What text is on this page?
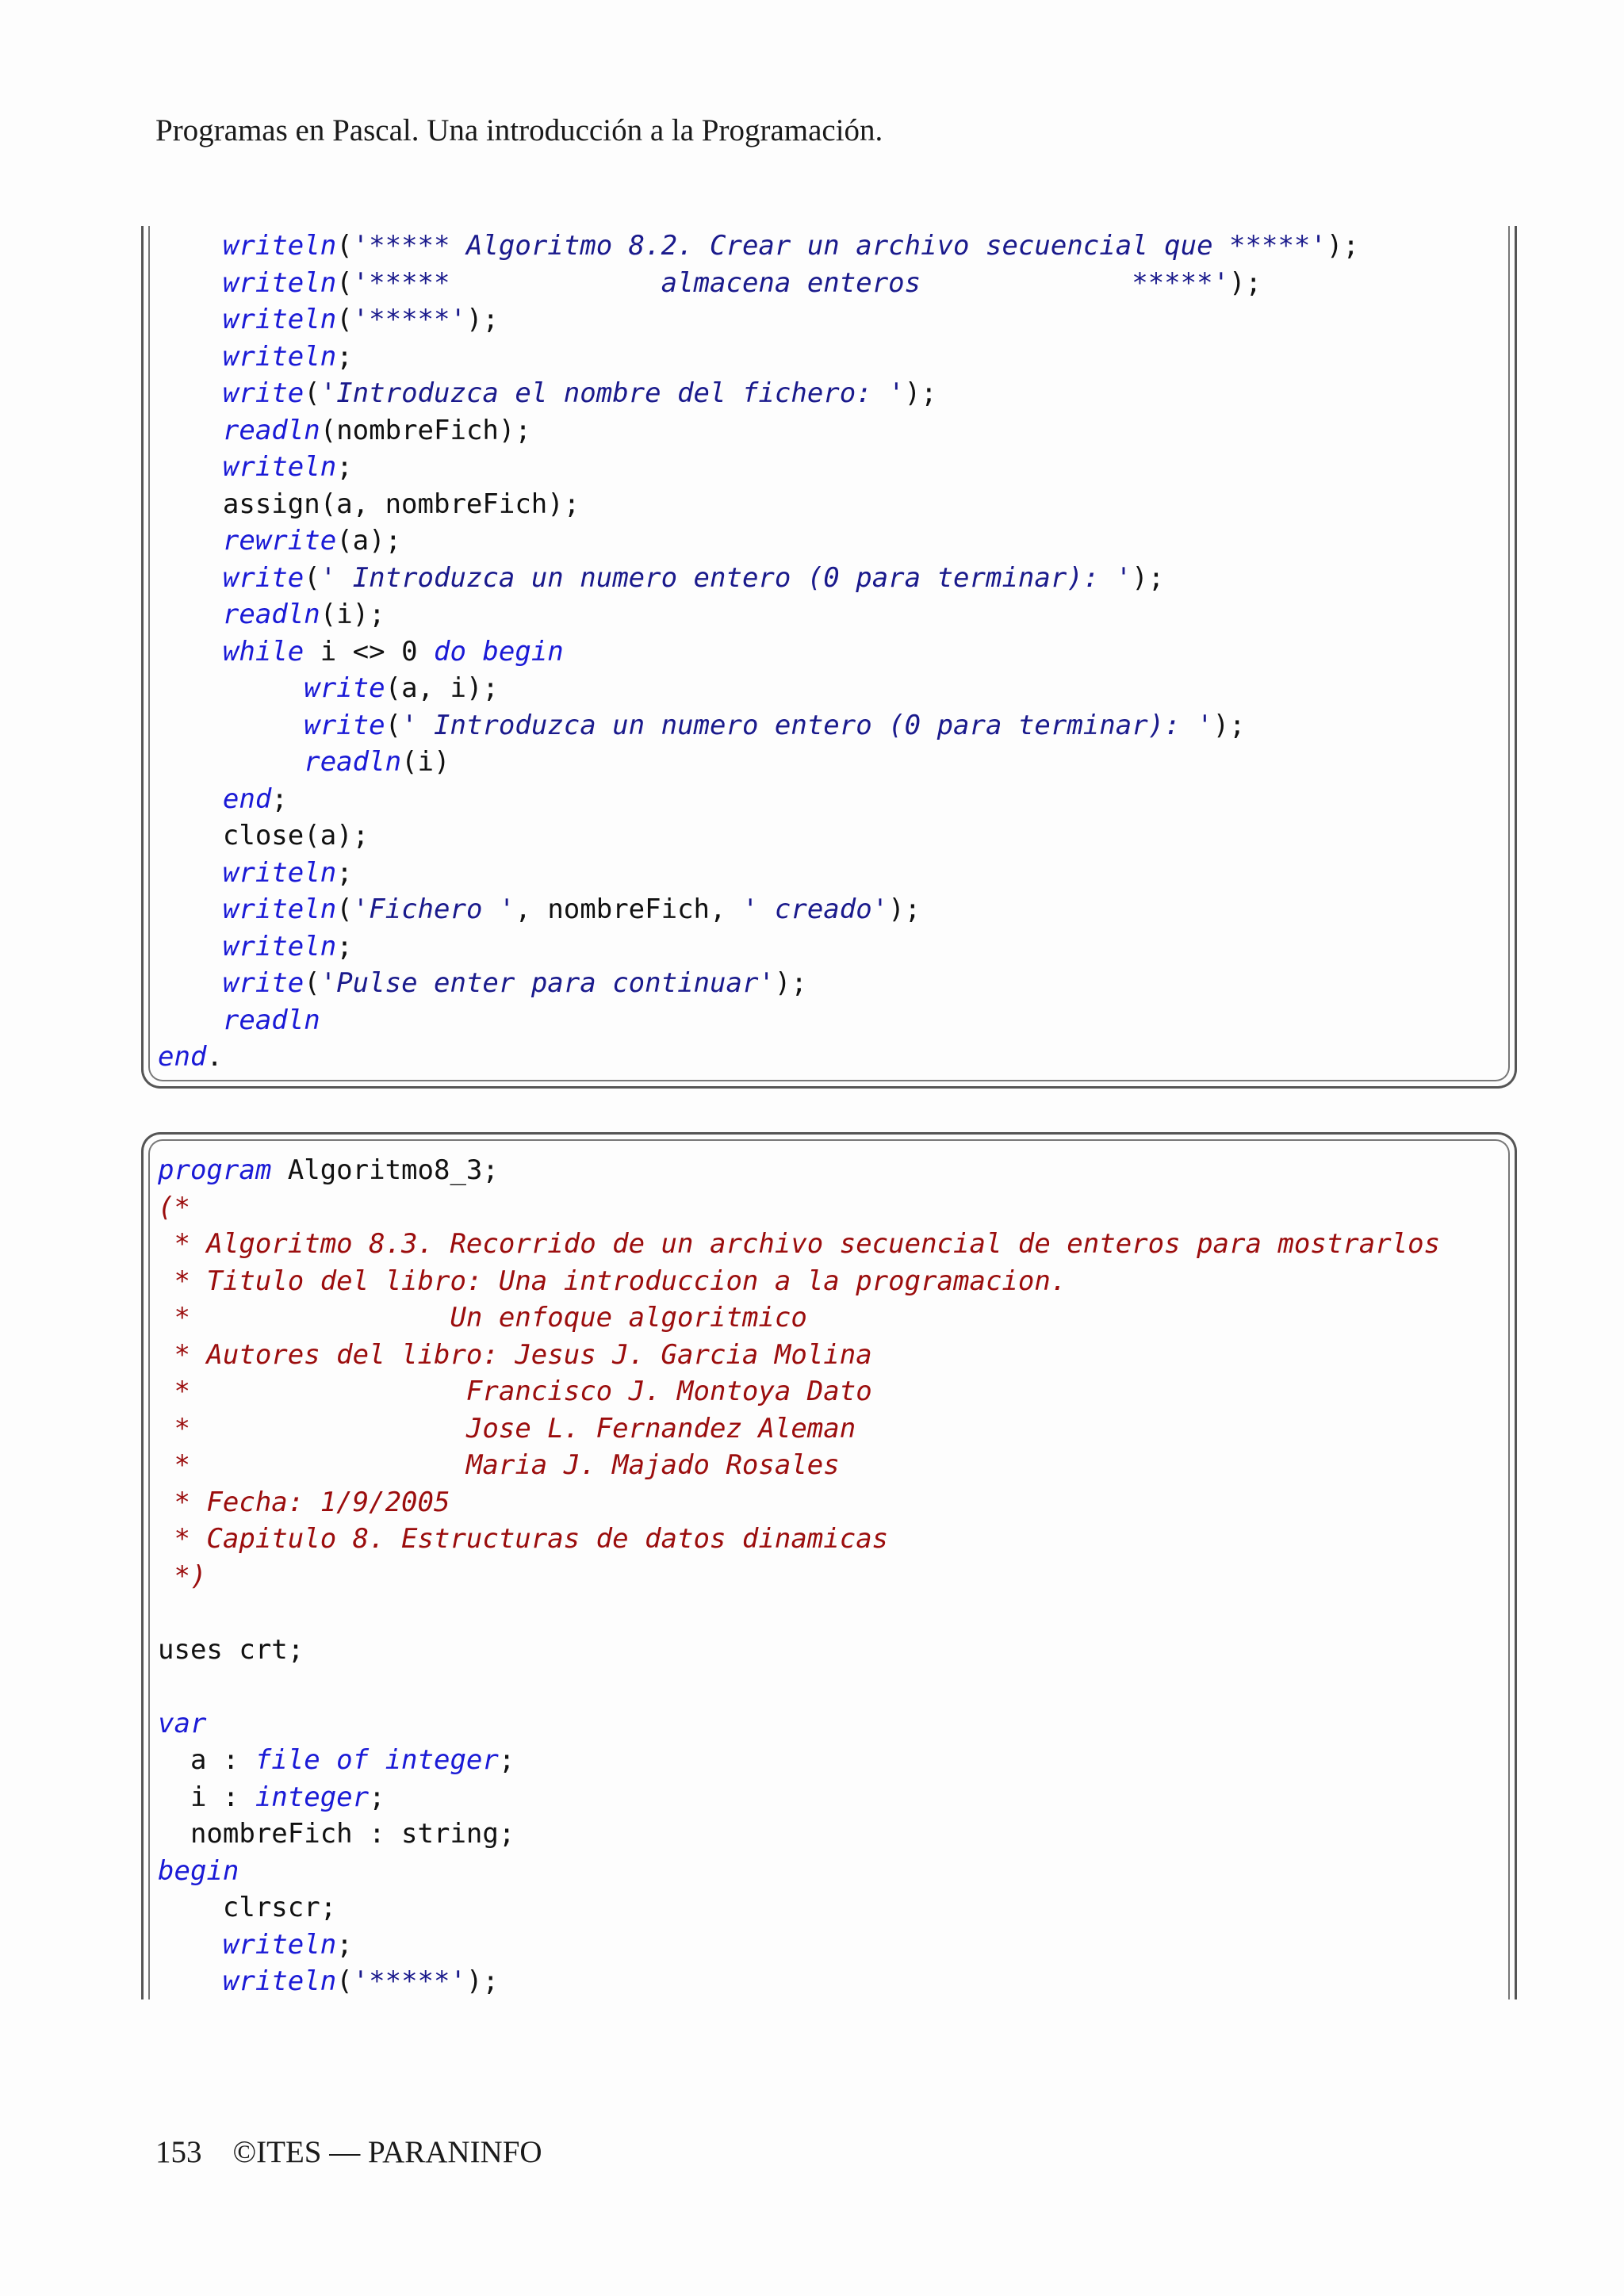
Programas en Pascal. Una introducción a la Programación.
writeln('***** Algoritmo 8.2. Crear un archivo secuencial que *****');
writeln('*****             almacena enteros             *****');
writeln('*****');
writeln;
write('Introduzca el nombre del fichero: ');
readln(nombreFich);
writeln;
assign(a, nombreFich);
rewrite(a);
write(' Introduzca un numero entero (0 para terminar): ');
readln(i);
while i <> 0 do begin
write(a, i);
write(' Introduzca un numero entero (0 para terminar): ');
readln(i)
end;
close(a);
writeln;
writeln('Fichero ', nombreFich, ' creado');
writeln;
write('Pulse enter para continuar');
readln
end.
program Algoritmo8_3;
(*
* Algoritmo 8.3. Recorrido de un archivo secuencial de enteros para mostrarlos
* Titulo del libro: Una introduccion a la programacion.
*                Un enfoque algoritmico
* Autores del libro: Jesus J. Garcia Molina
*                 Francisco J. Montoya Dato
*                 Jose L. Fernandez Aleman
*                 Maria J. Majado Rosales
* Fecha: 1/9/2005
* Capitulo 8. Estructuras de datos dinamicas
*)
uses crt;
var
a : file of integer;
i : integer;
nombreFich : string;
begin
clrscr;
writeln;
writeln('*****');
153 ©ITES — PARANINFO
